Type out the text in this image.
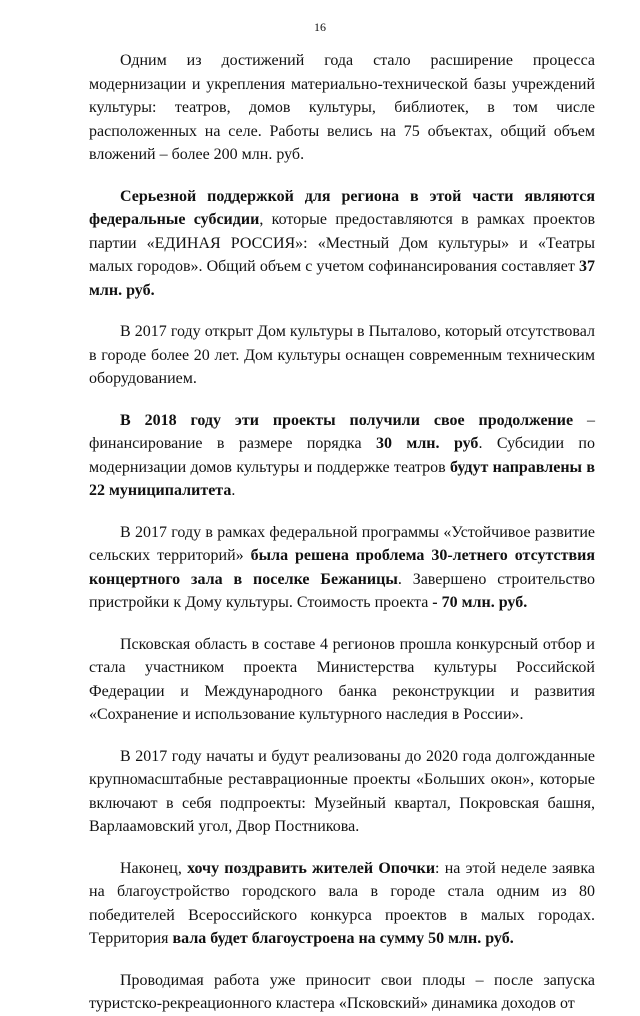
16

Одним из достижений года стало расширение процесса модернизации и укрепления материально-технической базы учреждений культуры: театров, домов культуры, библиотек, в том числе расположенных на селе. Работы велись на 75 объектах, общий объем вложений – более 200 млн. руб.

Серьезной поддержкой для региона в этой части являются федеральные субсидии, которые предоставляются в рамках проектов партии «ЕДИНАЯ РОССИЯ»: «Местный Дом культуры» и «Театры малых городов». Общий объем с учетом софинансирования составляет 37 млн. руб.

В 2017 году открыт Дом культуры в Пыталово, который отсутствовал в городе более 20 лет. Дом культуры оснащен современным техническим оборудованием.

В 2018 году эти проекты получили свое продолжение – финансирование в размере порядка 30 млн. руб. Субсидии по модернизации домов культуры и поддержке театров будут направлены в 22 муниципалитета.

В 2017 году в рамках федеральной программы «Устойчивое развитие сельских территорий» была решена проблема 30-летнего отсутствия концертного зала в поселке Бежаницы. Завершено строительство пристройки к Дому культуры. Стоимость проекта - 70 млн. руб.

Псковская область в составе 4 регионов прошла конкурсный отбор и стала участником проекта Министерства культуры Российской Федерации и Международного банка реконструкции и развития «Сохранение и использование культурного наследия в России».

В 2017 году начаты и будут реализованы до 2020 года долгожданные крупномасштабные реставрационные проекты «Больших окон», которые включают в себя подпроекты: Музейный квартал, Покровская башня, Варлаамовский угол, Двор Постникова.

Наконец, хочу поздравить жителей Опочки: на этой неделе заявка на благоустройство городского вала в городе стала одним из 80 победителей Всероссийского конкурса проектов в малых городах. Территория вала будет благоустроена на сумму 50 млн. руб.

Проводимая работа уже приносит свои плоды – после запуска туристско-рекреационного кластера «Псковский» динамика доходов от
